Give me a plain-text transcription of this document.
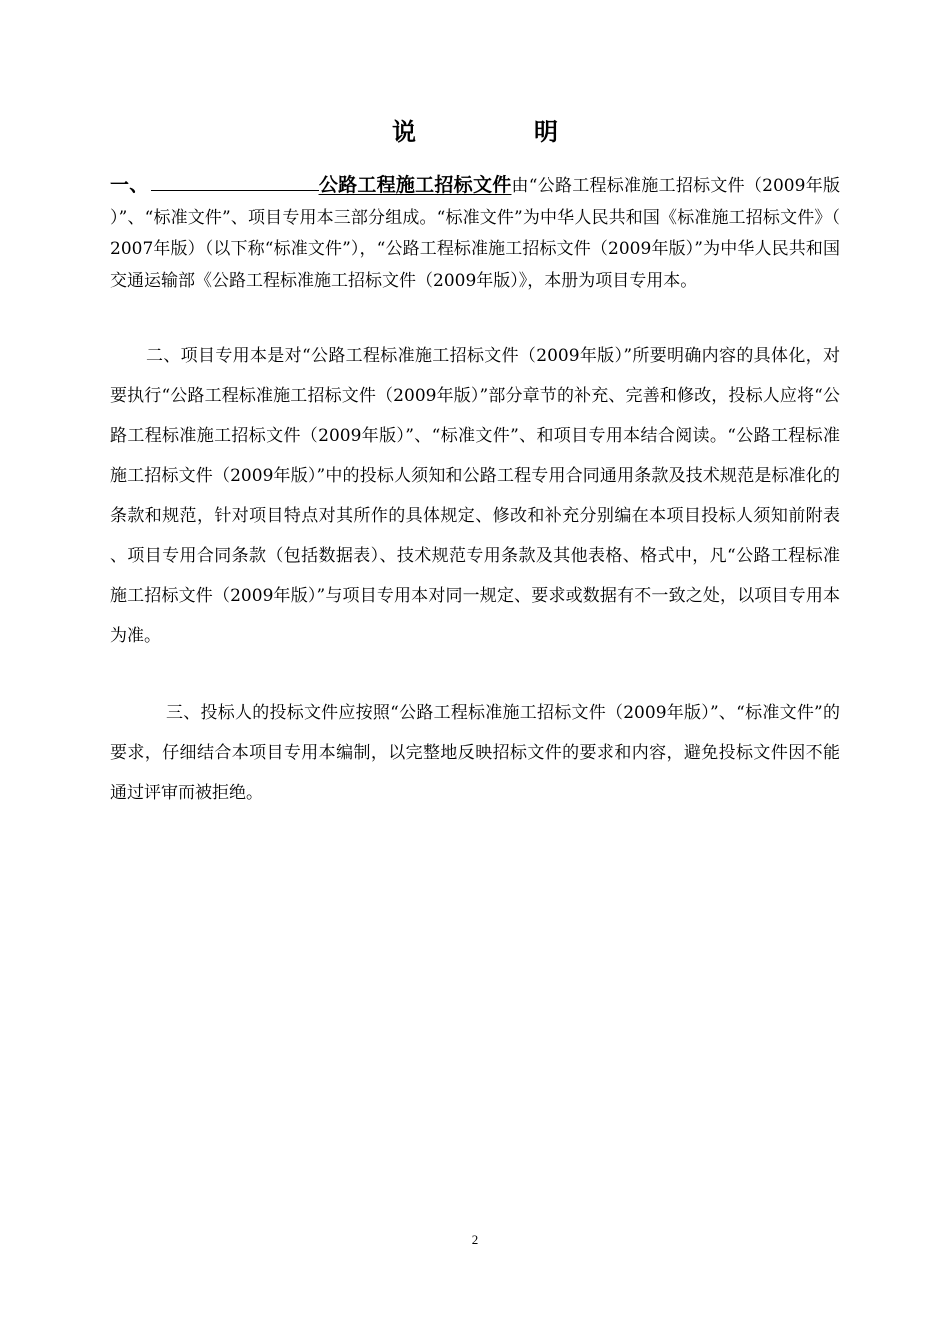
说	明
一、	公路工程施工招标文件由“公路工程标准施工招标文件（2009年版）”、“标准文件”、项目专用本三部分组成。“标准文件”为中华人民共和国《标准施工招标文件》（2007年版）（以下称“标准文件”），“公路工程标准施工招标文件（2009年版）”为中华人民共和国交通运输部《公路工程标准施工招标文件（2009年版）》，本册为项目专用本。
二、项目专用本是对“公路工程标准施工招标文件（2009年版）”所要明确内容的具体化，对要执行“公路工程标准施工招标文件（2009年版）”部分章节的补充、完善和修改，投标人应将“公路工程标准施工招标文件（2009年版）”、“标准文件”、和项目专用本结合阅读。“公路工程标准施工招标文件（2009年版）”中的投标人须知和公路工程专用合同通用条款及技术规范是标准化的条款和规范，针对项目特点对其所作的具体规定、修改和补充分别编在本项目投标人须知前附表、项目专用合同条款（包括数据表）、技术规范专用条款及其他表格、格式中，凡“公路工程标准施工招标文件（2009年版）”与项目专用本对同一规定、要求或数据有不一致之处，以项目专用本为准。
三、投标人的投标文件应按照“公路工程标准施工招标文件（2009年版）”、“标准文件”的要求，仔细结合本项目专用本编制，以完整地反映招标文件的要求和内容，避免投标文件因不能通过评审而被拒绝。
2
